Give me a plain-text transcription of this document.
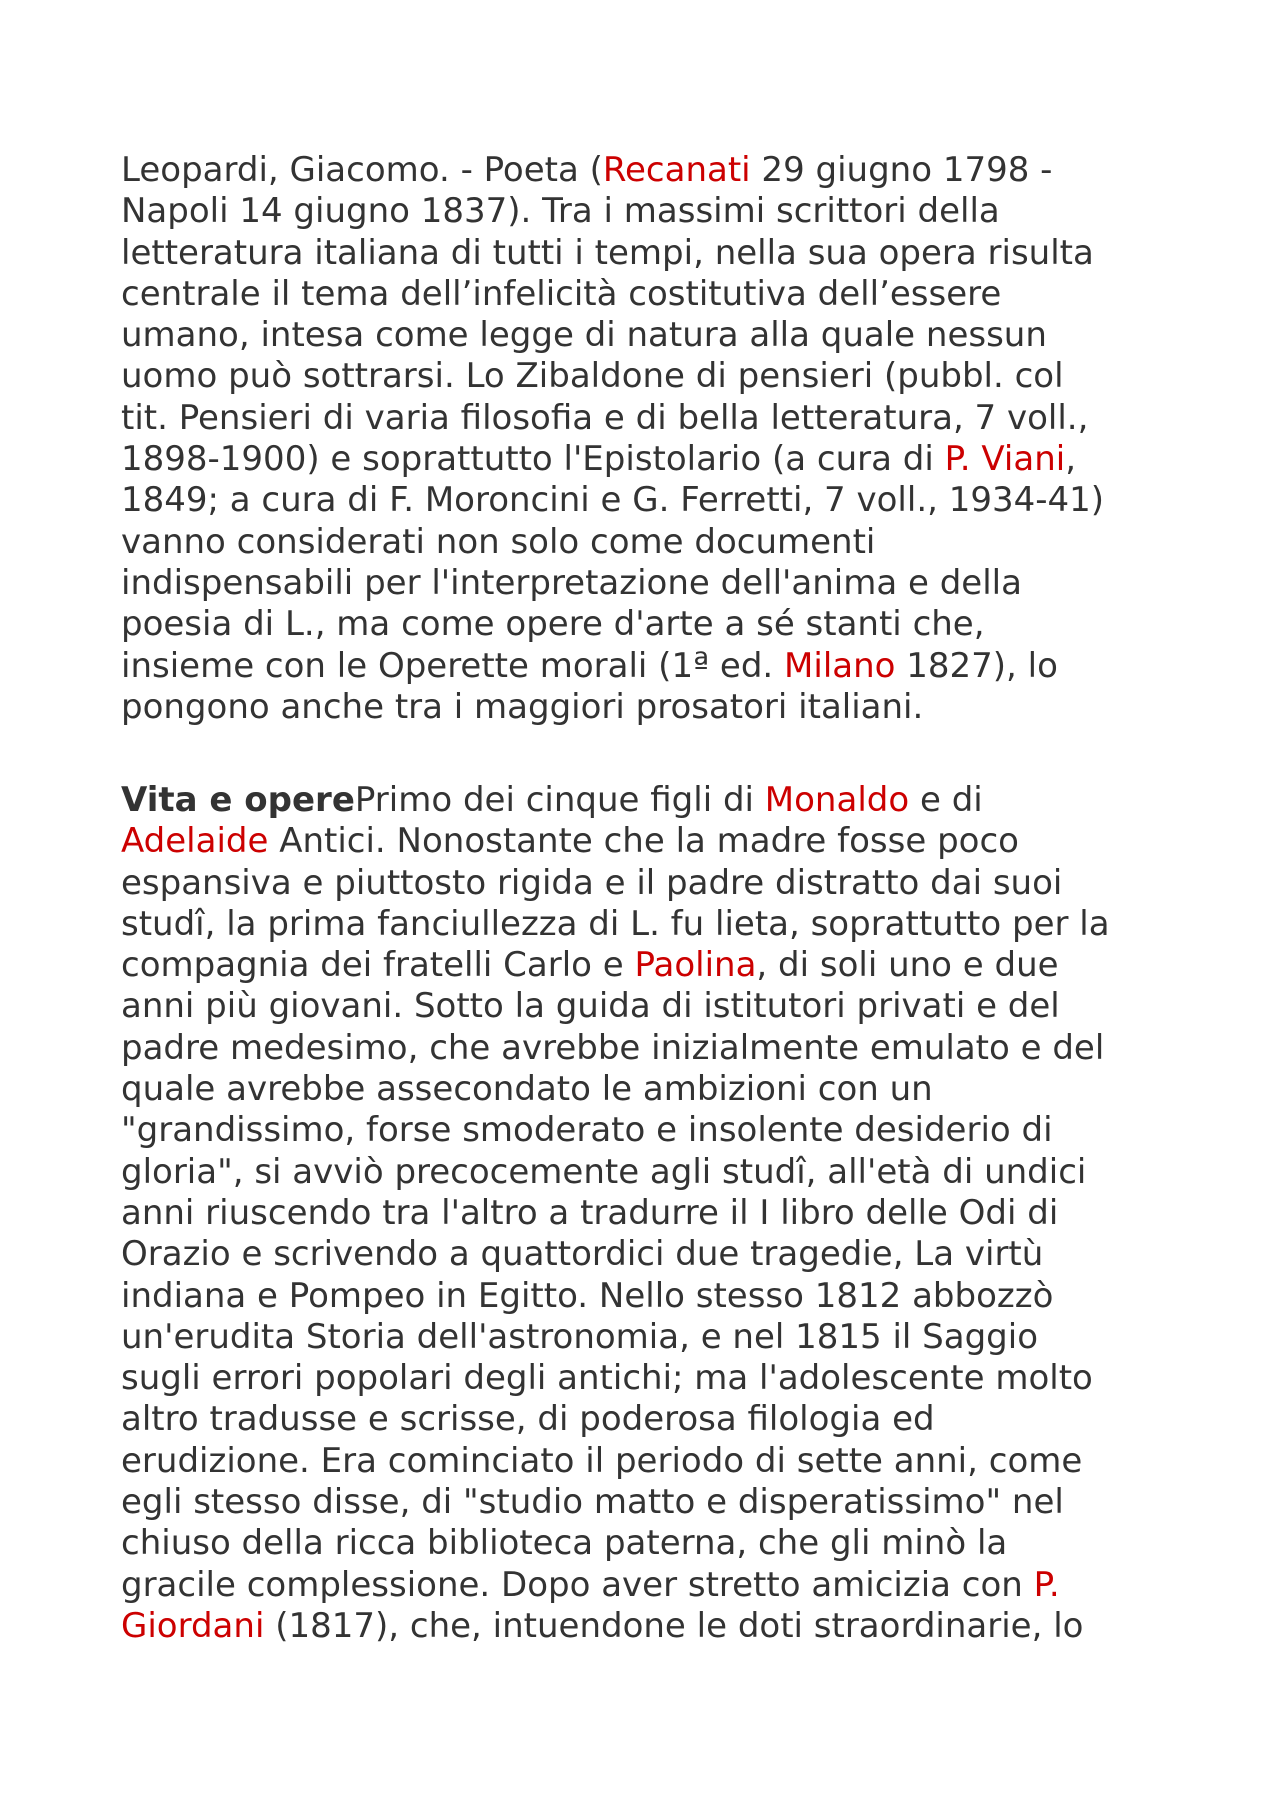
Leopardi, Giacomo. - Poeta (Recanati 29 giugno 1798 -
Napoli 14 giugno 1837). Tra i massimi scrittori della
letteratura italiana di tutti i tempi, nella sua opera risulta
centrale il tema dell’infelicità costitutiva dell’essere
umano, intesa come legge di natura alla quale nessun
uomo può sottrarsi. Lo Zibaldone di pensieri (pubbl. col
tit. Pensieri di varia filosofia e di bella letteratura, 7 voll.,
1898-1900) e soprattutto l'Epistolario (a cura di P. Viani,
1849; a cura di F. Moroncini e G. Ferretti, 7 voll., 1934-41)
vanno considerati non solo come documenti
indispensabili per l'interpretazione dell'anima e della
poesia di L., ma come opere d'arte a sé stanti che,
insieme con le Operette morali (1ª ed. Milano 1827), lo
pongono anche tra i maggiori prosatori italiani.
Vita e operePrimo dei cinque figli di Monaldo e di
Adelaide Antici. Nonostante che la madre fosse poco
espansiva e piuttosto rigida e il padre distratto dai suoi
studî, la prima fanciullezza di L. fu lieta, soprattutto per la
compagnia dei fratelli Carlo e Paolina, di soli uno e due
anni più giovani. Sotto la guida di istitutori privati e del
padre medesimo, che avrebbe inizialmente emulato e del
quale avrebbe assecondato le ambizioni con un
"grandissimo, forse smoderato e insolente desiderio di
gloria", si avviò precocemente agli studî, all'età di undici
anni riuscendo tra l'altro a tradurre il I libro delle Odi di
Orazio e scrivendo a quattordici due tragedie, La virtù
indiana e Pompeo in Egitto. Nello stesso 1812 abbozzò
un'erudita Storia dell'astronomia, e nel 1815 il Saggio
sugli errori popolari degli antichi; ma l'adolescente molto
altro tradusse e scrisse, di poderosa filologia ed
erudizione. Era cominciato il periodo di sette anni, come
egli stesso disse, di "studio matto e disperatissimo" nel
chiuso della ricca biblioteca paterna, che gli minò la
gracile complessione. Dopo aver stretto amicizia con P.
Giordani (1817), che, intuendone le doti straordinarie, lo
